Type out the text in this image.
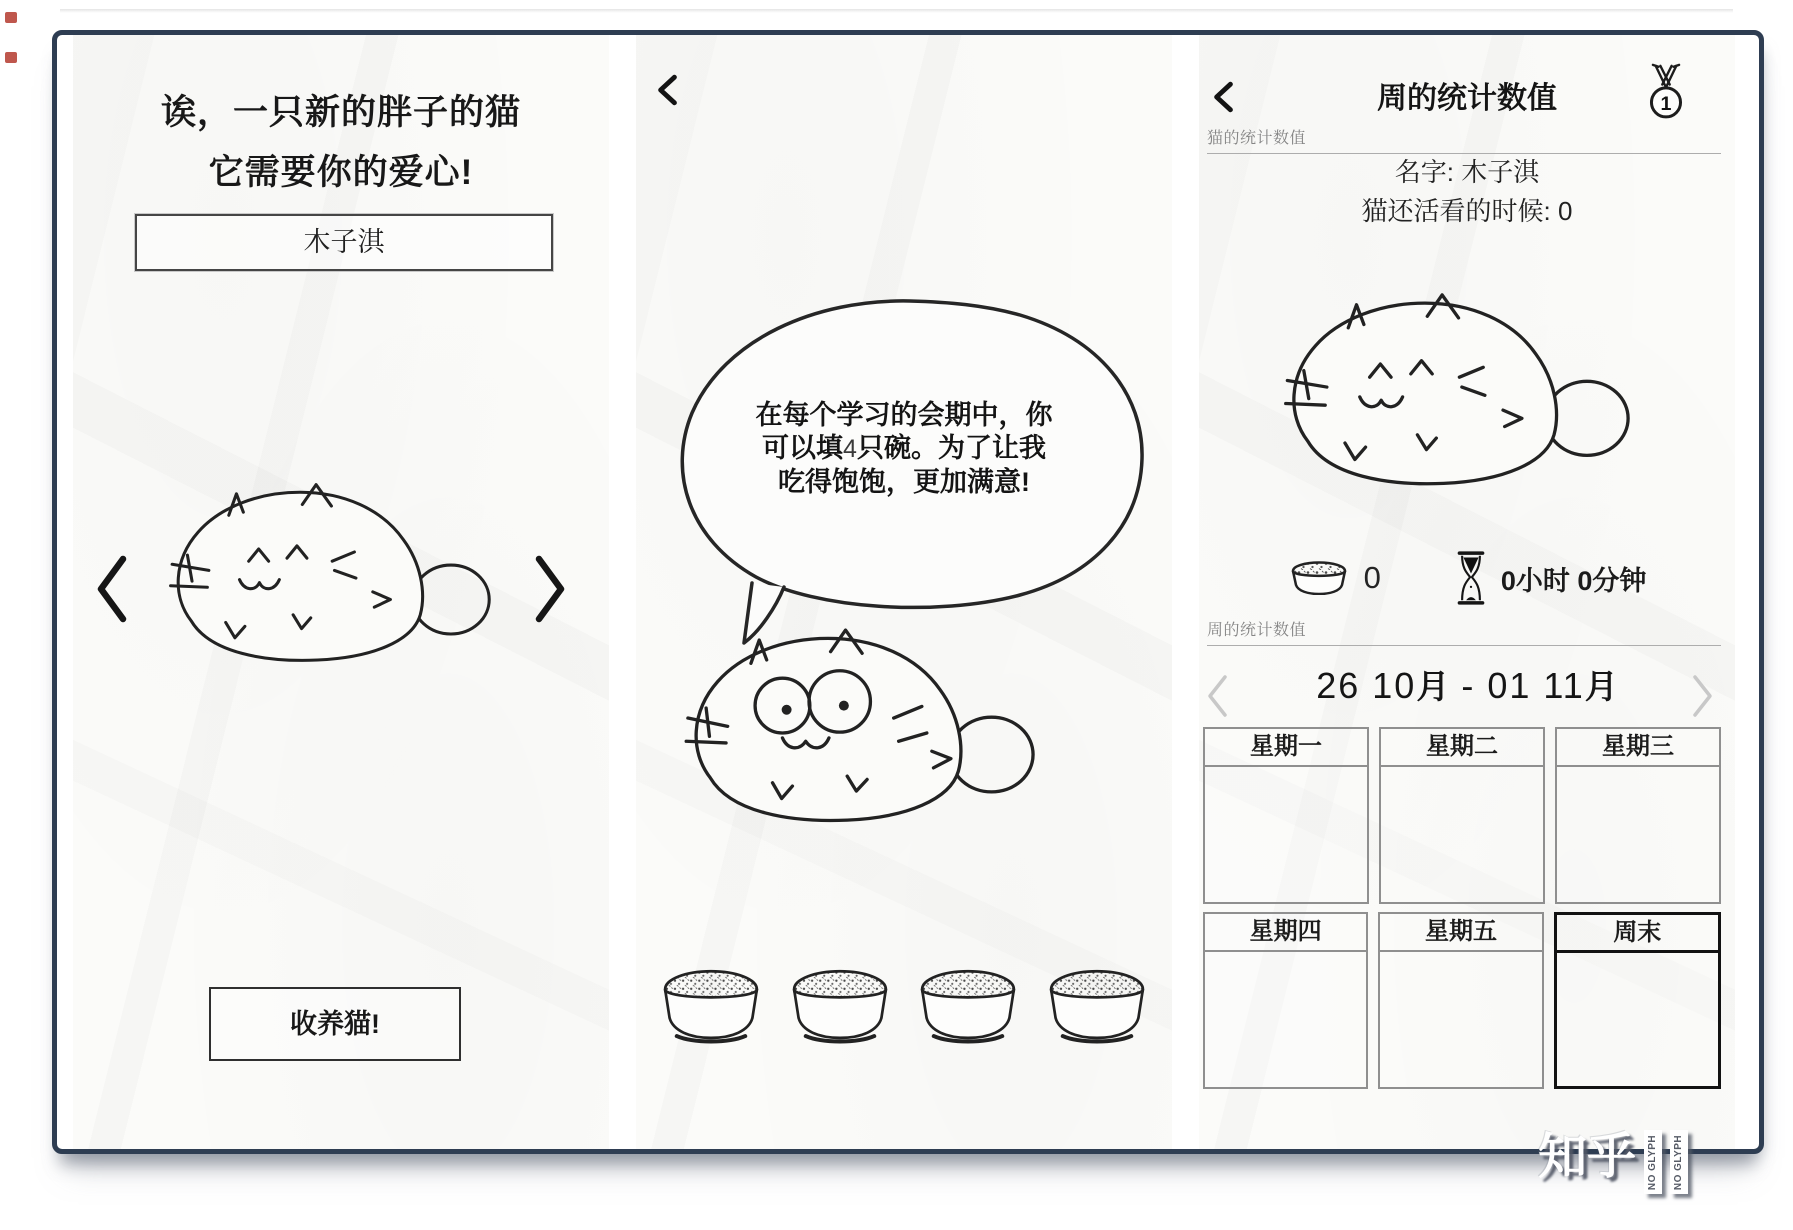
诶，一只新的胖子的猫
它需要你的爱心!
木子淇
收养猫!
在每个学习的会期中，你
可以填4只碗。为了让我
吃得饱饱，更加满意!
周的统计数值	1
猫的统计数值
名字: 木子淇
猫还活看的时候: 0
0	0小时 0分钟
周的统计数值
26 10月 - 01 11月
星期一	星期二	星期三
星期四	星期五	周末
知乎 NO GLYPH NO GLYPH
